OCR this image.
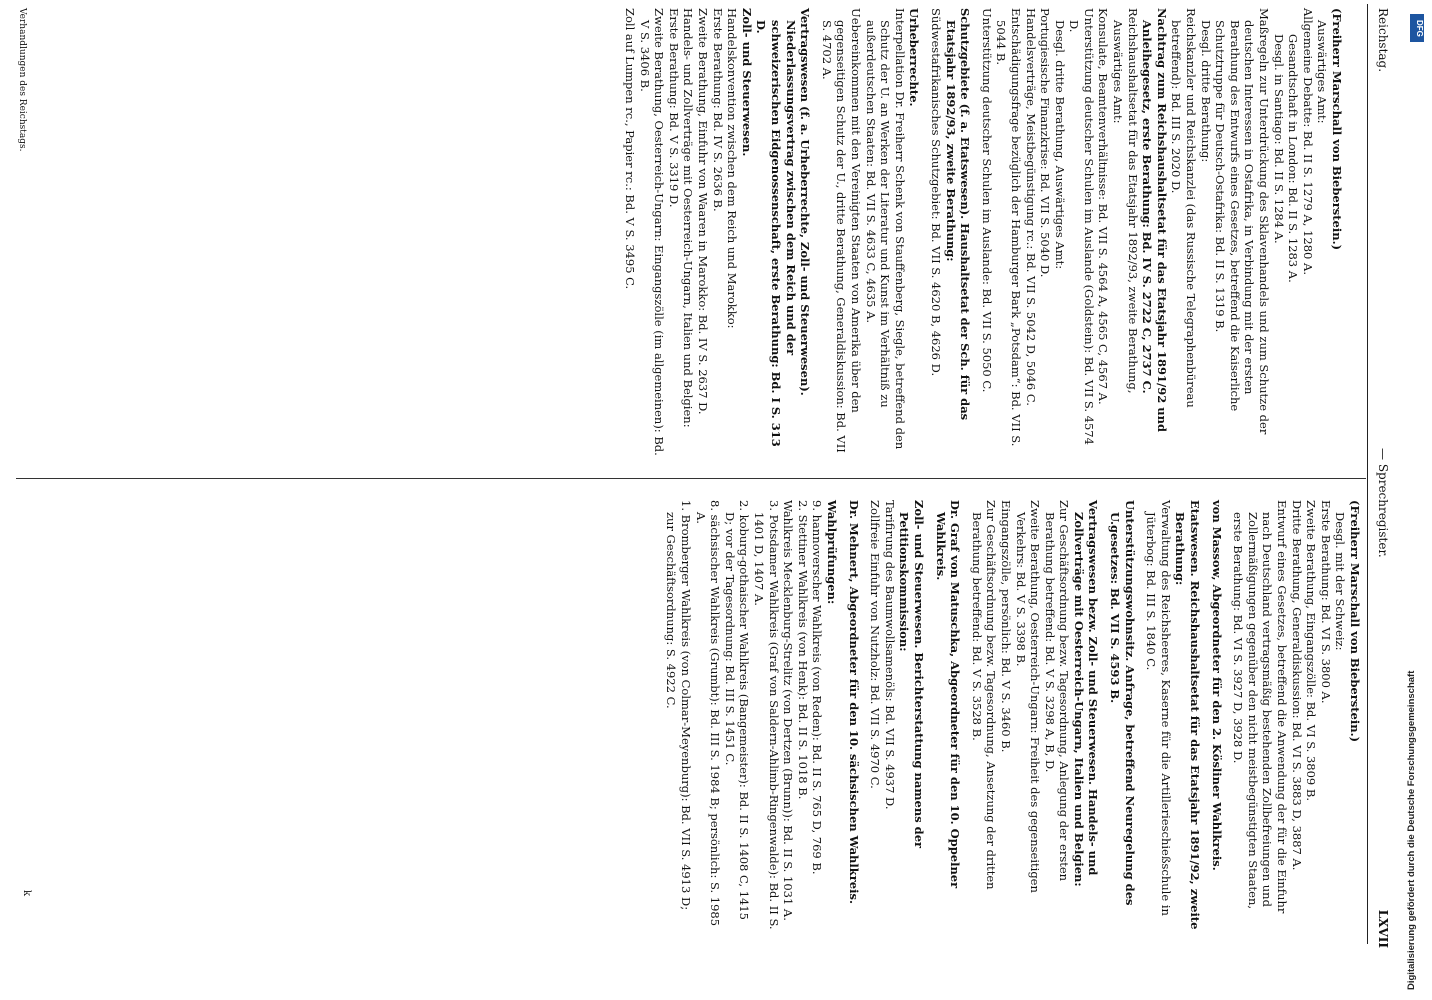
Reichstag.
— Sprechregister.
LXVII

(Freiherr Marschall von Bieberstein.)

Auswärtiges Amt:

Allgemeine Debatte: Bd. II S. 1279 A, 1280 A.

Gesandtschaft in London: Bd. II S. 1283 A.

Desgl. in Santiago: Bd. II S. 1284 A.

Maßregeln zur Unterdrückung des Sklavenhandels und zum Schutze der deutschen Interessen in Ostafrika, in Verbindung mit der ersten Berathung des Entwurfs eines Gesetzes, betreffend die Kaiserliche Schutztruppe für Deutsch-Ostafrika: Bd. II S. 1319 B.

Desgl. dritte Berathung:

Reichskanzler und Reichskanzlei (das Russische Telegraphenbüreau betreffend): Bd. III S. 2020 D.

Nachtrag zum Reichshaushaltsetat für das Etatsjahr 1891/92 und Anleihegesetz, erste Berathung: Bd. IV S. 2722 C, 2737 C.

Reichshaushaltsetat für das Etatsjahr 1892/93, zweite Berathung, Auswärtiges Amt:

Konsulate, Beamtenverhältnisse: Bd. VII S. 4564 A, 4565 C, 4567 A.

Unterstützung deutscher Schulen im Auslande (Goldstein): Bd. VII S. 4574 D.

Desgl. dritte Berathung, Auswärtiges Amt:

Portugiesische Finanzkrise: Bd. VII S. 5040 D.

Handelsverträge, Meistbegünstigung rc.: Bd. VII S. 5042 D, 5046 C.

Entschädigungsfrage bezüglich der Hamburger Bark „Potsdam“: Bd. VII S. 5044 B.

Unterstützung deutscher Schulen im Auslande: Bd. VII S. 5050 C.

Schutzgebiete (f. a. Etatswesen). Haushaltsetat der Sch. für das Etatsjahr 1892/93, zweite Berathung:

Südwestafrikanisches Schutzgebiet: Bd. VII S. 4620 B, 4626 D.

Urheberrechte.

Interpellation Dr. Freiherr Schenk von Stauffenberg, Siegle, betreffend den Schutz der U. an Werken der Literatur und Kunst im Verhältniß zu außerdeutschen Staaten: Bd. VII S. 4633 C, 4635 A.

Uebereinkommen mit den Vereinigten Staaten von Amerika über den gegenseitigen Schutz der U., dritte Berathung, Generaldiskussion: Bd. VII S. 4702 A.

Vertragswesen (f. a. Urheberrechte, Zoll- und Steuerwesen). Niederlassungsvertrag zwischen dem Reich und der schweizerischen Eidgenossenschaft, erste Berathung: Bd. I S. 313 D.

Zoll- und Steuerwesen.

Handelskonvention zwischen dem Reich und Marokko:

Erste Berathung: Bd. IV S. 2636 B.

Zweite Berathung, Einfuhr von Waaren in Marokko: Bd. IV S. 2637 D.

Handels- und Zollverträge mit Oesterreich-Ungarn, Italien und Belgien:

Erste Berathung: Bd. V S. 3319 D.

Zweite Berathung, Oesterreich-Ungarn: Eingangszölle (im allgemeinen): Bd. V S. 3406 B.

Zoll auf Lumpen rc., Papier rc.: Bd. V S. 3495 C.

(Freiherr Marschall von Bieberstein.)

Desgl. mit der Schweiz:

Erste Berathung: Bd. VI S. 3800 A.

Zweite Berathung, Eingangszölle: Bd. VI S. 3809 B.

Dritte Berathung, Generaldiskussion: Bd. VI S. 3883 D, 3887 A.

Entwurf eines Gesetzes, betreffend die Anwendung der für die Einfuhr nach Deutschland vertragsmäßig bestehenden Zollbefreiungen und Zollermäßigungen gegenüber den nicht meistbegünstigten Staaten, erste Berathung: Bd. VI S. 3927 D, 3928 D.

von Massow, Abgeordneter für den 2. Kösliner Wahlkreis.

Etatswesen. Reichshaushaltsetat für das Etatsjahr 1891/92, zweite Berathung:

Verwaltung des Reichsheeres, Kaserne für die Artillerieschießschule in Jüterbog: Bd. III S. 1840 C.

Unterstützungswohnsitz. Anfrage, betreffend Neuregelung des U.gesetzes: Bd. VII S. 4593 B.

Vertragswesen bezw. Zoll- und Steuerwesen. Handels- und Zollverträge mit Oesterreich-Ungarn, Italien und Belgien:

Zur Geschäftsordnung bezw. Tagesordnung, Anlegung der ersten Berathung betreffend: Bd. V S. 3298 A, B, D.

Zweite Berathung, Oesterreich-Ungarn: Freiheit des gegenseitigen Verkehrs: Bd. V S. 3398 B.

Eingangszölle, persönlich: Bd. V S. 3460 B.

Zur Geschäftsordnung bezw. Tagesordnung, Ansetzung der dritten Berathung betreffend: Bd. V S. 3528 B.

Dr. Graf von Matuschka, Abgeordneter für den 10. Oppelner Wahlkreis.

Zoll- und Steuerwesen. Berichterstattung namens der Petitionskommission:

Tarifirung des Baumwollsamenöls: Bd. VII S. 4937 D.

Zollfreie Einfuhr von Nutzholz: Bd. VII S. 4970 C.

Dr. Mehnert, Abgeordneter für den 10. sächsischen Wahlkreis.

Wahlprüfungen:

9. hannoverscher Wahlkreis (von Reden): Bd. II S. 765 D, 769 B.

2. Stettiner Wahlkreis (von Henk): Bd. II S. 1018 B.

Wahlkreis Mecklenburg-Strelitz (von Dertzen (Brunn)): Bd. II S. 1031 A.

3. Potsdamer Wahlkreis (Graf von Saldern-Ahlimb-Ringenwalde): Bd. II S. 1401 D, 1407 A.

2. koburg-gothaischer Wahlkreis (Bangemeister): Bd. II S. 1408 C, 1415 D; vor der Tagesordnung: Bd. III S. 1451 C.

8. sächsischer Wahlkreis (Grumbt): Bd. III S. 1984 B; persönlich: S. 1985 A.

1. Bromberger Wahlkreis (von Colmar-Meyenburg): Bd. VII S. 4913 D; zur Geschäftsordnung: S. 4922 C.

Verhandlungen des Reichstags.
k
DFG
Digitalisierung gefördert durch die Deutsche Forschungsgemeinschaft
